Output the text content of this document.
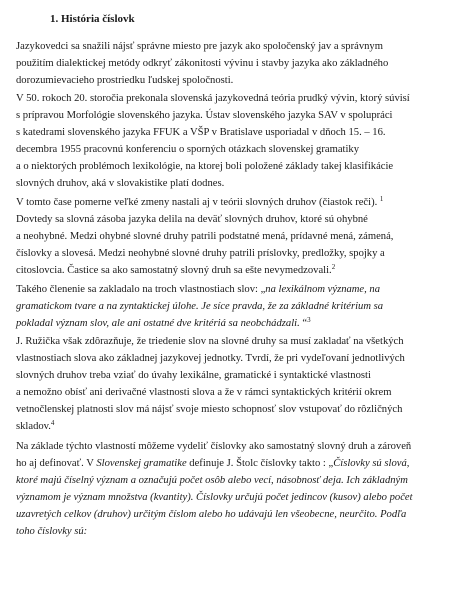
1. História číslovk
Jazykovedci sa snažili nájsť správne miesto pre jazyk ako spoločenský jav a správnym
použitím dialektickej metódy odkryť zákonitosti vývinu i stavby jazyka ako základného
dorozumievacieho prostriedku ľudskej spoločnosti.
V 50. rokoch 20. storočia prekonala slovenská jazykovedná teória prudký vývin, ktorý súvisí
s prípravou Morfológie slovenského jazyka. Ústav slovenského jazyka SAV v spolupráci
s katedrami slovenského jazyka FFUK a VŠP v Bratislave usporiadal v dňoch 15. – 16.
decembra 1955 pracovnú konferenciu o sporných otázkach slovenskej gramatiky
a o niektorých problémoch lexikológie, na ktorej boli položené základy takej klasifikácie
slovných druhov, aká v slovakistike platí dodnes.
V tomto čase pomerne veľké zmeny nastali aj v teórii slovných druhov (čiastok reči). $^1$
Dovtedy sa slovná zásoba jazyka delila na deväť slovných druhov, ktoré sú ohybné
a neohybné. Medzi ohybné slovné druhy patrili podstatné mená, prídavné mená, zámená,
číslovky a slovesá. Medzi neohybné slovné druhy patrili príslovky, predložky, spojky a
citoslovcia. Častice sa ako samostatný slovný druh sa ešte nevymedzovali.$^2$
Takého členenie sa zakladalo na troch vlastnostiach slov: „na lexikálnom význame, na
gramatickom tvare a na zyntaktickej úlohe. Je síce pravda, že za základné kritérium sa
pokladal význam slov, ale ani ostatné dve kritériá sa neobchádzali. “$^3$
J. Ružička však zdôrazňuje, že triedenie slov na slovné druhy sa musí zakladať na všetkých
vlastnostiach slova ako základnej jazykovej jednotky. Tvrdí, že pri vydeľovaní jednotlivých
slovných druhov treba vziať do úvahy lexikálne, gramatické i syntaktické vlastnosti
a nemožno obísť ani derivačné vlastnosti slova a že v rámci syntaktických kritérií okrem
vetnočlenskej platnosti slov má nájsť svoje miesto schopnosť slov vstupovať do rôzličných
skladov.$^4$
Na základe týchto vlastností môžeme vydeliť číslovky ako samostatný slovný druh a zároveň
ho aj definovať. V Slovenskej gramatike definuje J. Štolc číslovky takto : „Číslovky sú slová,
ktoré majú číselný význam a označujú počet osôb alebo vecí, násobnosť deja. Ich základným
významom je význam množstva (kvantity). Číslovky určujú počet jedincov (kusov) alebo počet
uzavretých celkov (druhov) určitým číslom alebo ho udávajú len všeobecne, neurčito. Podľa
toho číslovky sú:
